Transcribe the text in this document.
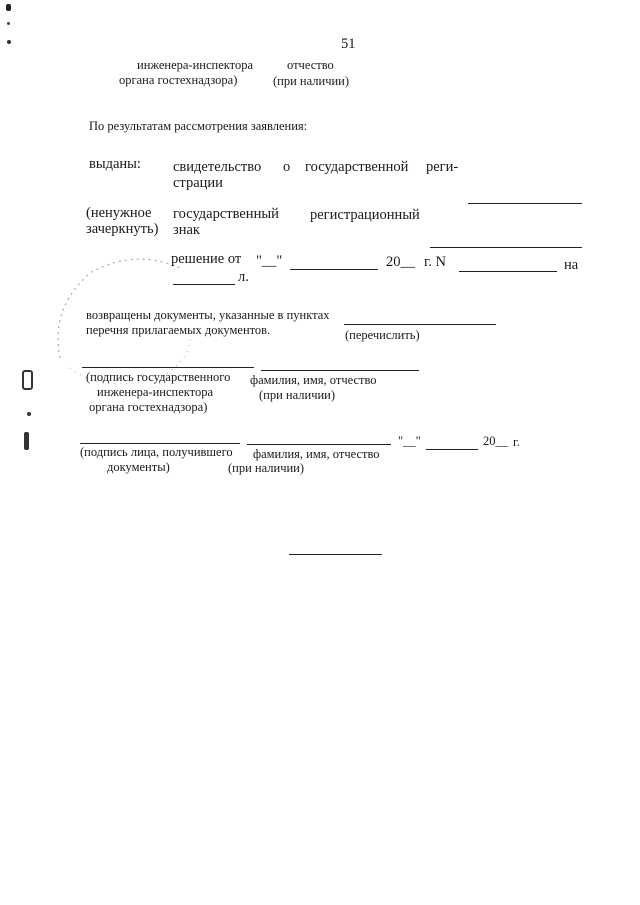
51
инженера-инспектора
органа гостехнадзора)
отчество
(при наличии)
По результатам рассмотрения заявления:
выданы: свидетельство о государственной реги-
страции
(ненужное
зачеркнуть)
государственный регистрационный
знак
решение от "__"	20__ г. N	на
л.
возвращены документы, указанные в пунктах
перечня прилагаемых документов.	(перечислить)
(подпись государственного
инженера-инспектора
органа гостехнадзора)
фамилия, имя, отчество
(при наличии)
"__"	20__ г.
(подпись лица, получившего
документы)
фамилия, имя, отчество
(при наличии)
